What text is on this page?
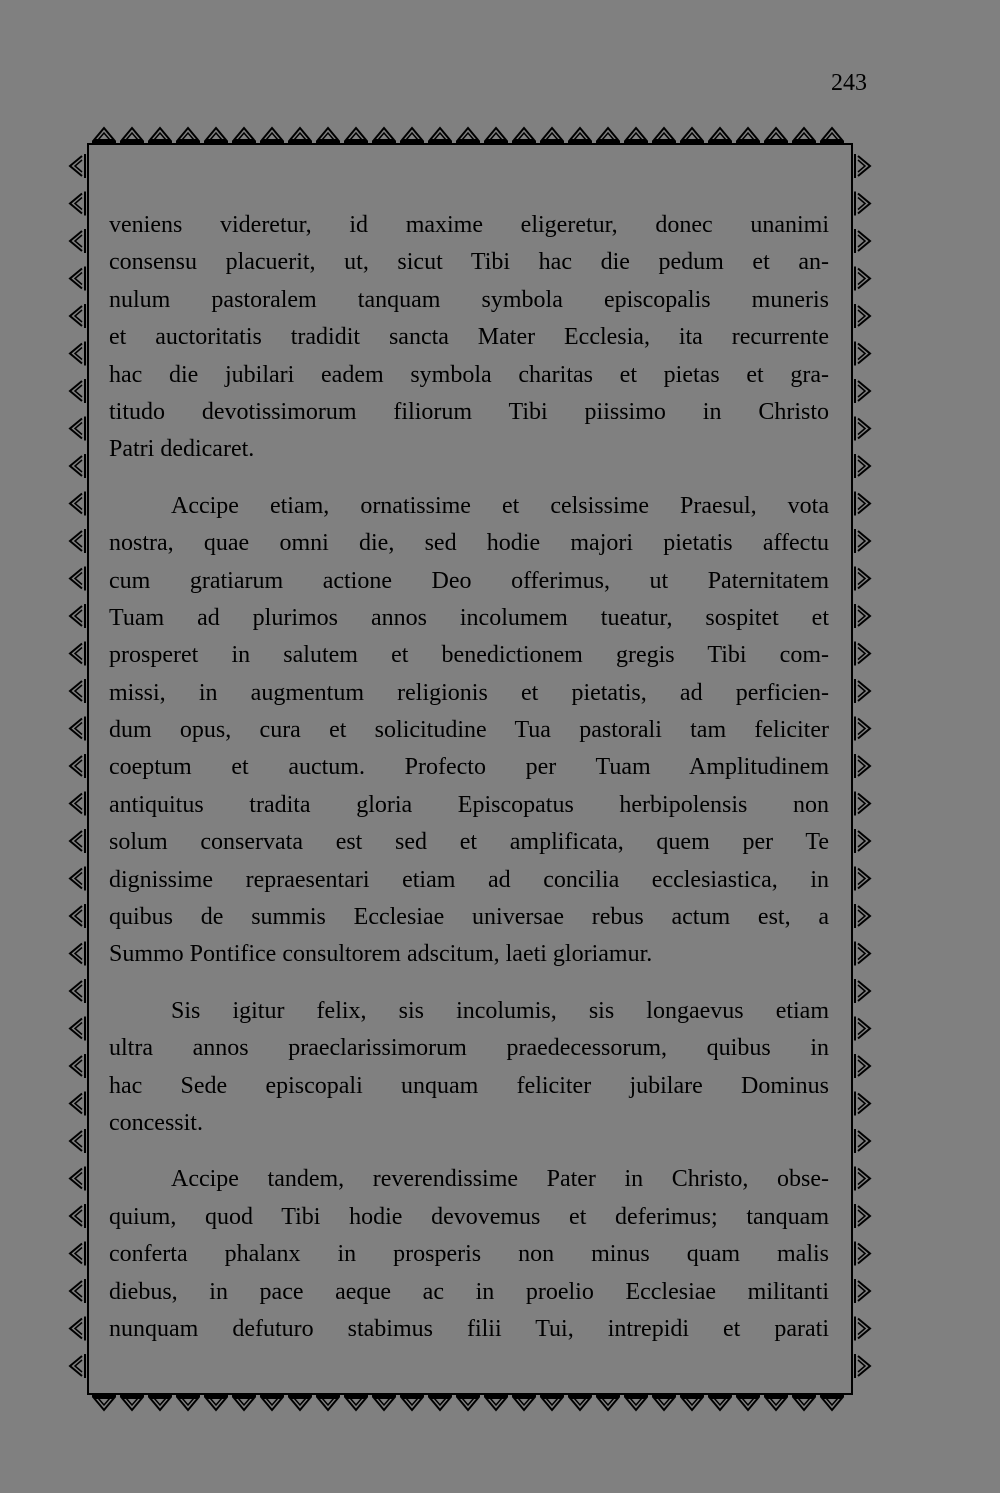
243
veniens videretur, id maxime eligeretur, donec unanimi
consensu placuerit, ut, sicut Tibi hac die pedum et an-
nulum pastoralem tanquam symbola episcopalis muneris
et auctoritatis tradidit sancta Mater Ecclesia, ita recurrente
hac die jubilari eadem symbola charitas et pietas et gra-
titudo devotissimorum filiorum Tibi piissimo in Christo
Patri dedicaret.
Accipe etiam, ornatissime et celsissime Praesul, vota
nostra, quae omni die, sed hodie majori pietatis affectu
cum gratiarum actione Deo offerimus, ut Paternitatem
Tuam ad plurimos annos incolumem tueatur, sospitet et
prosperet in salutem et benedictionem gregis Tibi com-
missi, in augmentum religionis et pietatis, ad perficien-
dum opus, cura et solicitudine Tua pastorali tam feliciter
coeptum et auctum. Profecto per Tuam Amplitudinem
antiquitus tradita gloria Episcopatus herbipolensis non
solum conservata est sed et amplificata, quem per Te
dignissime repraesentari etiam ad concilia ecclesiastica, in
quibus de summis Ecclesiae universae rebus actum est, a
Summo Pontifice consultorem adscitum, laeti gloriamur.
Sis igitur felix, sis incolumis, sis longaevus etiam
ultra annos praeclarissimorum praedecessorum, quibus in
hac Sede episcopali unquam feliciter jubilare Dominus
concessit.
Accipe tandem, reverendissime Pater in Christo, obse-
quium, quod Tibi hodie devovemus et deferimus; tanquam
conferta phalanx in prosperis non minus quam malis
diebus, in pace aeque ac in proelio Ecclesiae militanti
nunquam defuturo stabimus filii Tui, intrepidi et parati
